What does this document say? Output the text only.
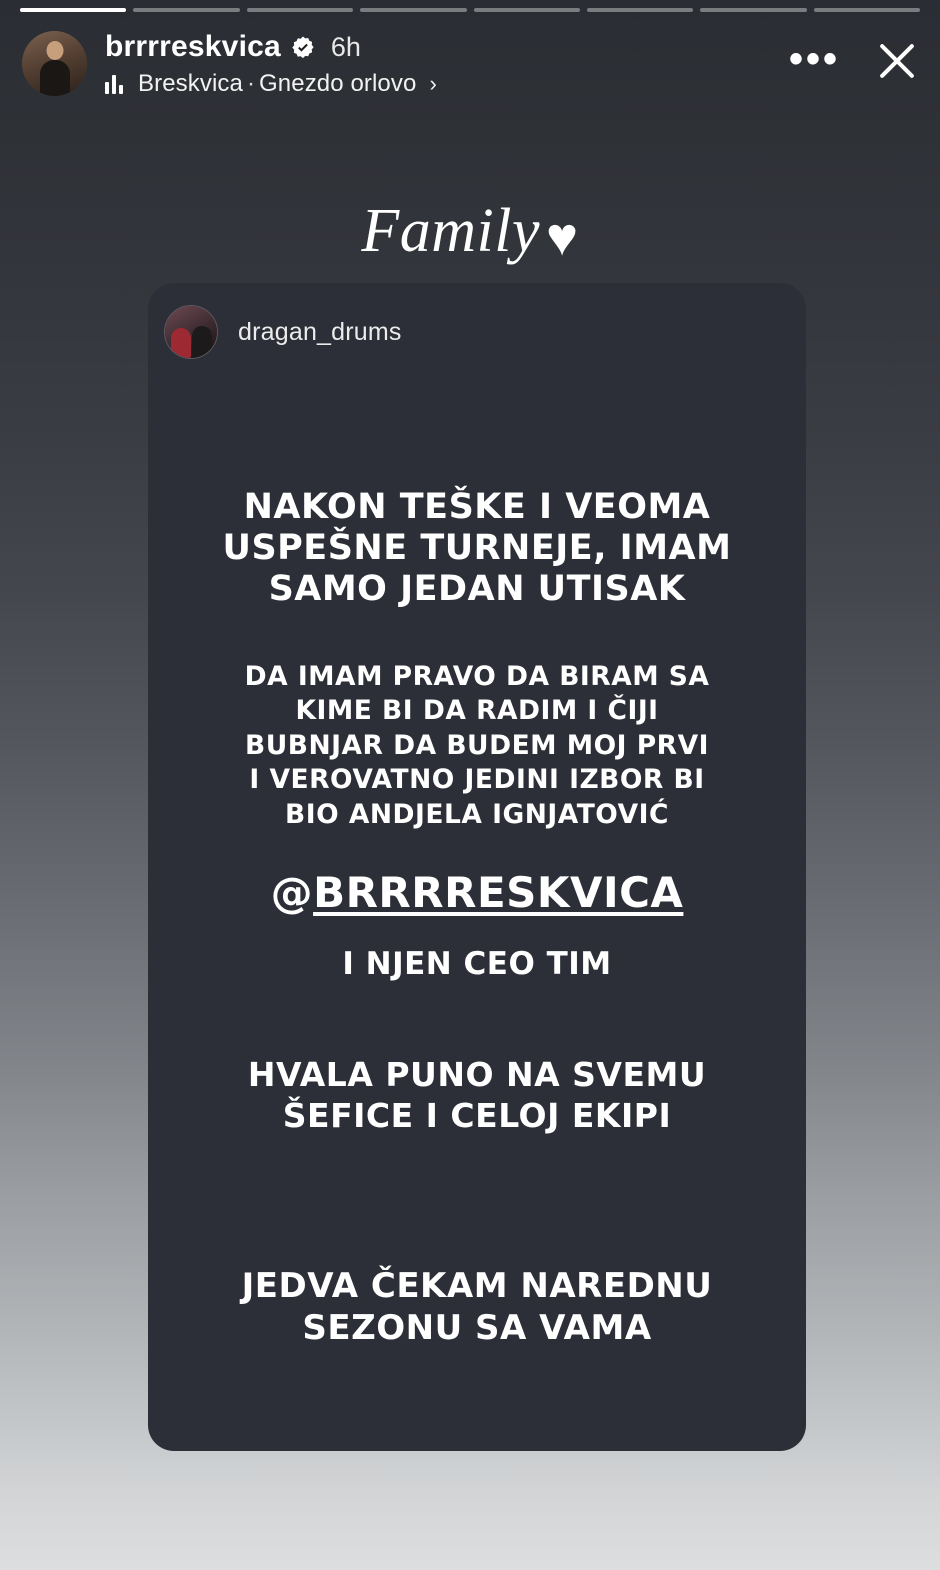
brrrreskvica 6h
Breskvica · Gnezdo orlovo ›
•••
Family ♥
dragan_drums
NAKON TEŠKE I VEOMA USPEŠNE TURNEJE, IMAM SAMO JEDAN UTISAK
DA IMAM PRAVO DA BIRAM SA
KIME BI DA RADIM I ČIJI
BUBNJAR DA BUDEM MOJ PRVI
I VEROVATNO JEDINI IZBOR BI
BIO ANDJELA IGNJATOVIĆ
@BRRRRESKVICA
I NJEN CEO TIM
HVALA PUNO NA SVEMU
ŠEFICE I CELOJ EKIPI
JEDVA ČEKAM NAREDNU
SEZONU SA VAMA
